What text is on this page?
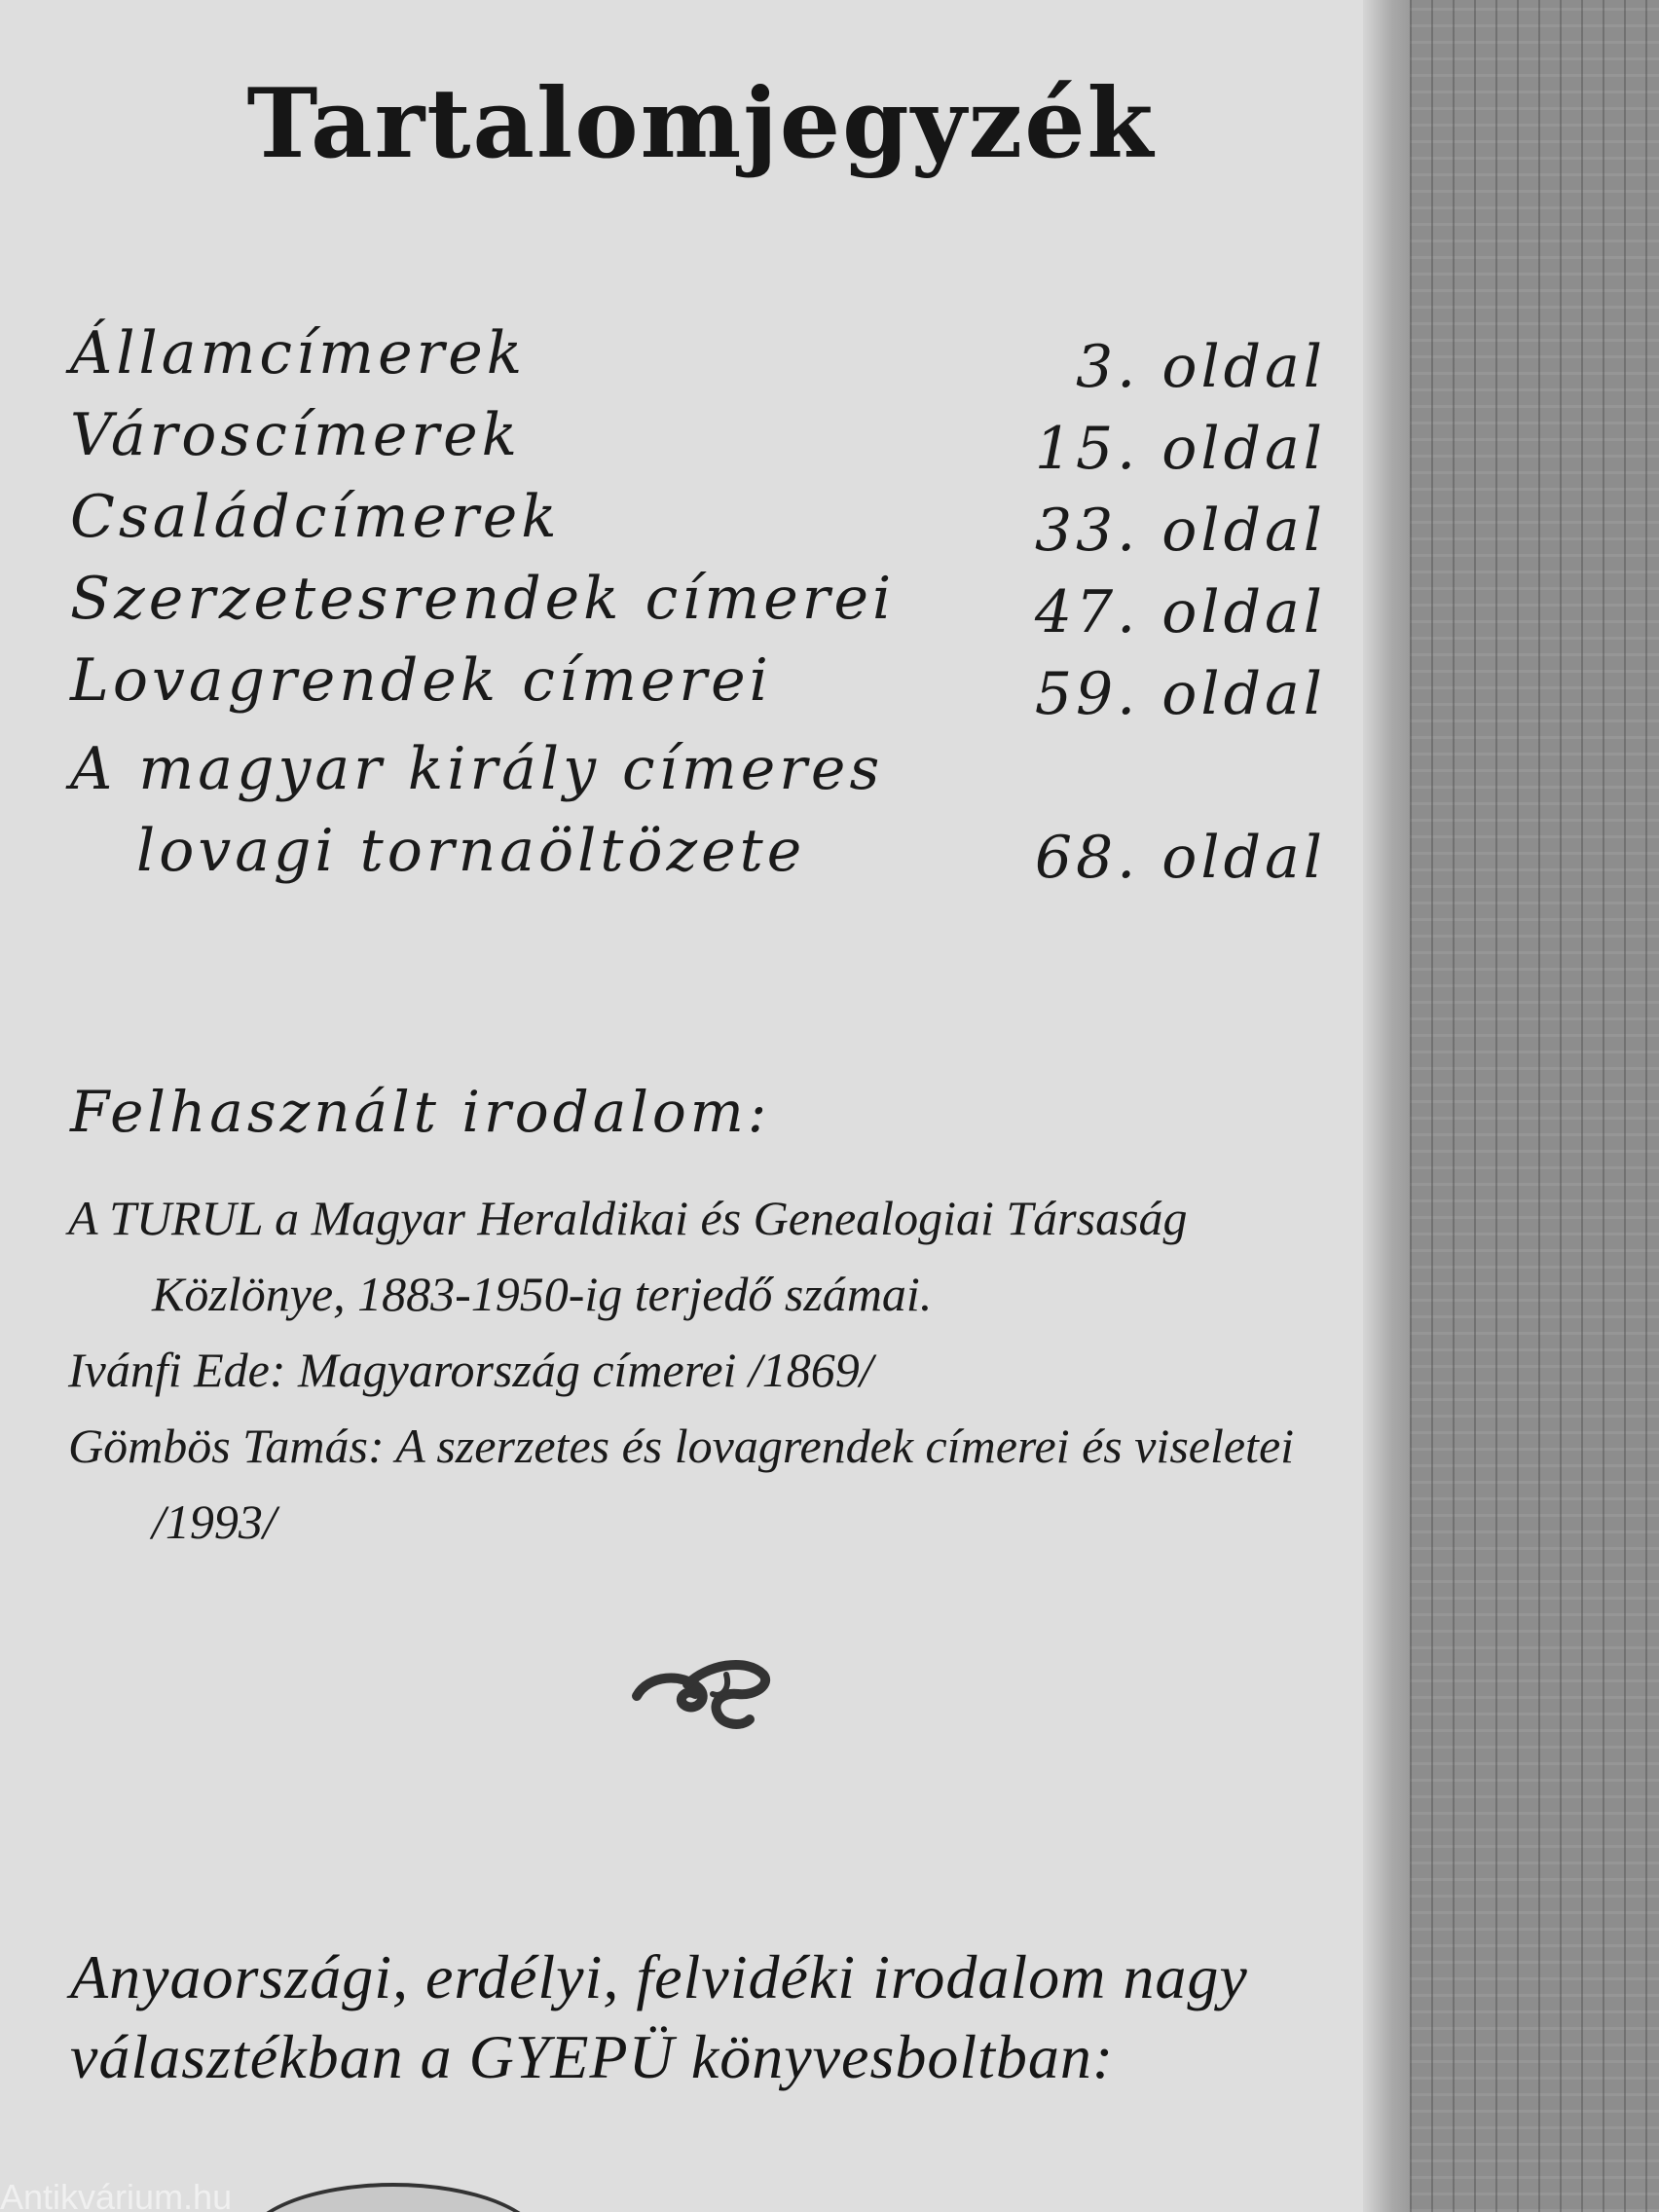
Tartalomjegyzék
Államcímerek	3. oldal
Városcímerek	15. oldal
Családcímerek	33. oldal
Szerzetesrendek címerei 47. oldal
Lovagrendek címerei	59. oldal
A magyar király címeres
lovagi tornaöltözete	68. oldal
Felhasznált irodalom:
A TURUL a Magyar Heraldikai és Genealogiai Társaság Közlönye, 1883-1950-ig terjedő számai.
Ivánfi Ede: Magyarország címerei /1869/
Gömbös Tamás: A szerzetes és lovagrendek címerei és viseletei /1993/
Anyaországi, erdélyi, felvidéki irodalom nagy
választékban a GYEPÜ könyvesboltban:
Antikvárium.hu
